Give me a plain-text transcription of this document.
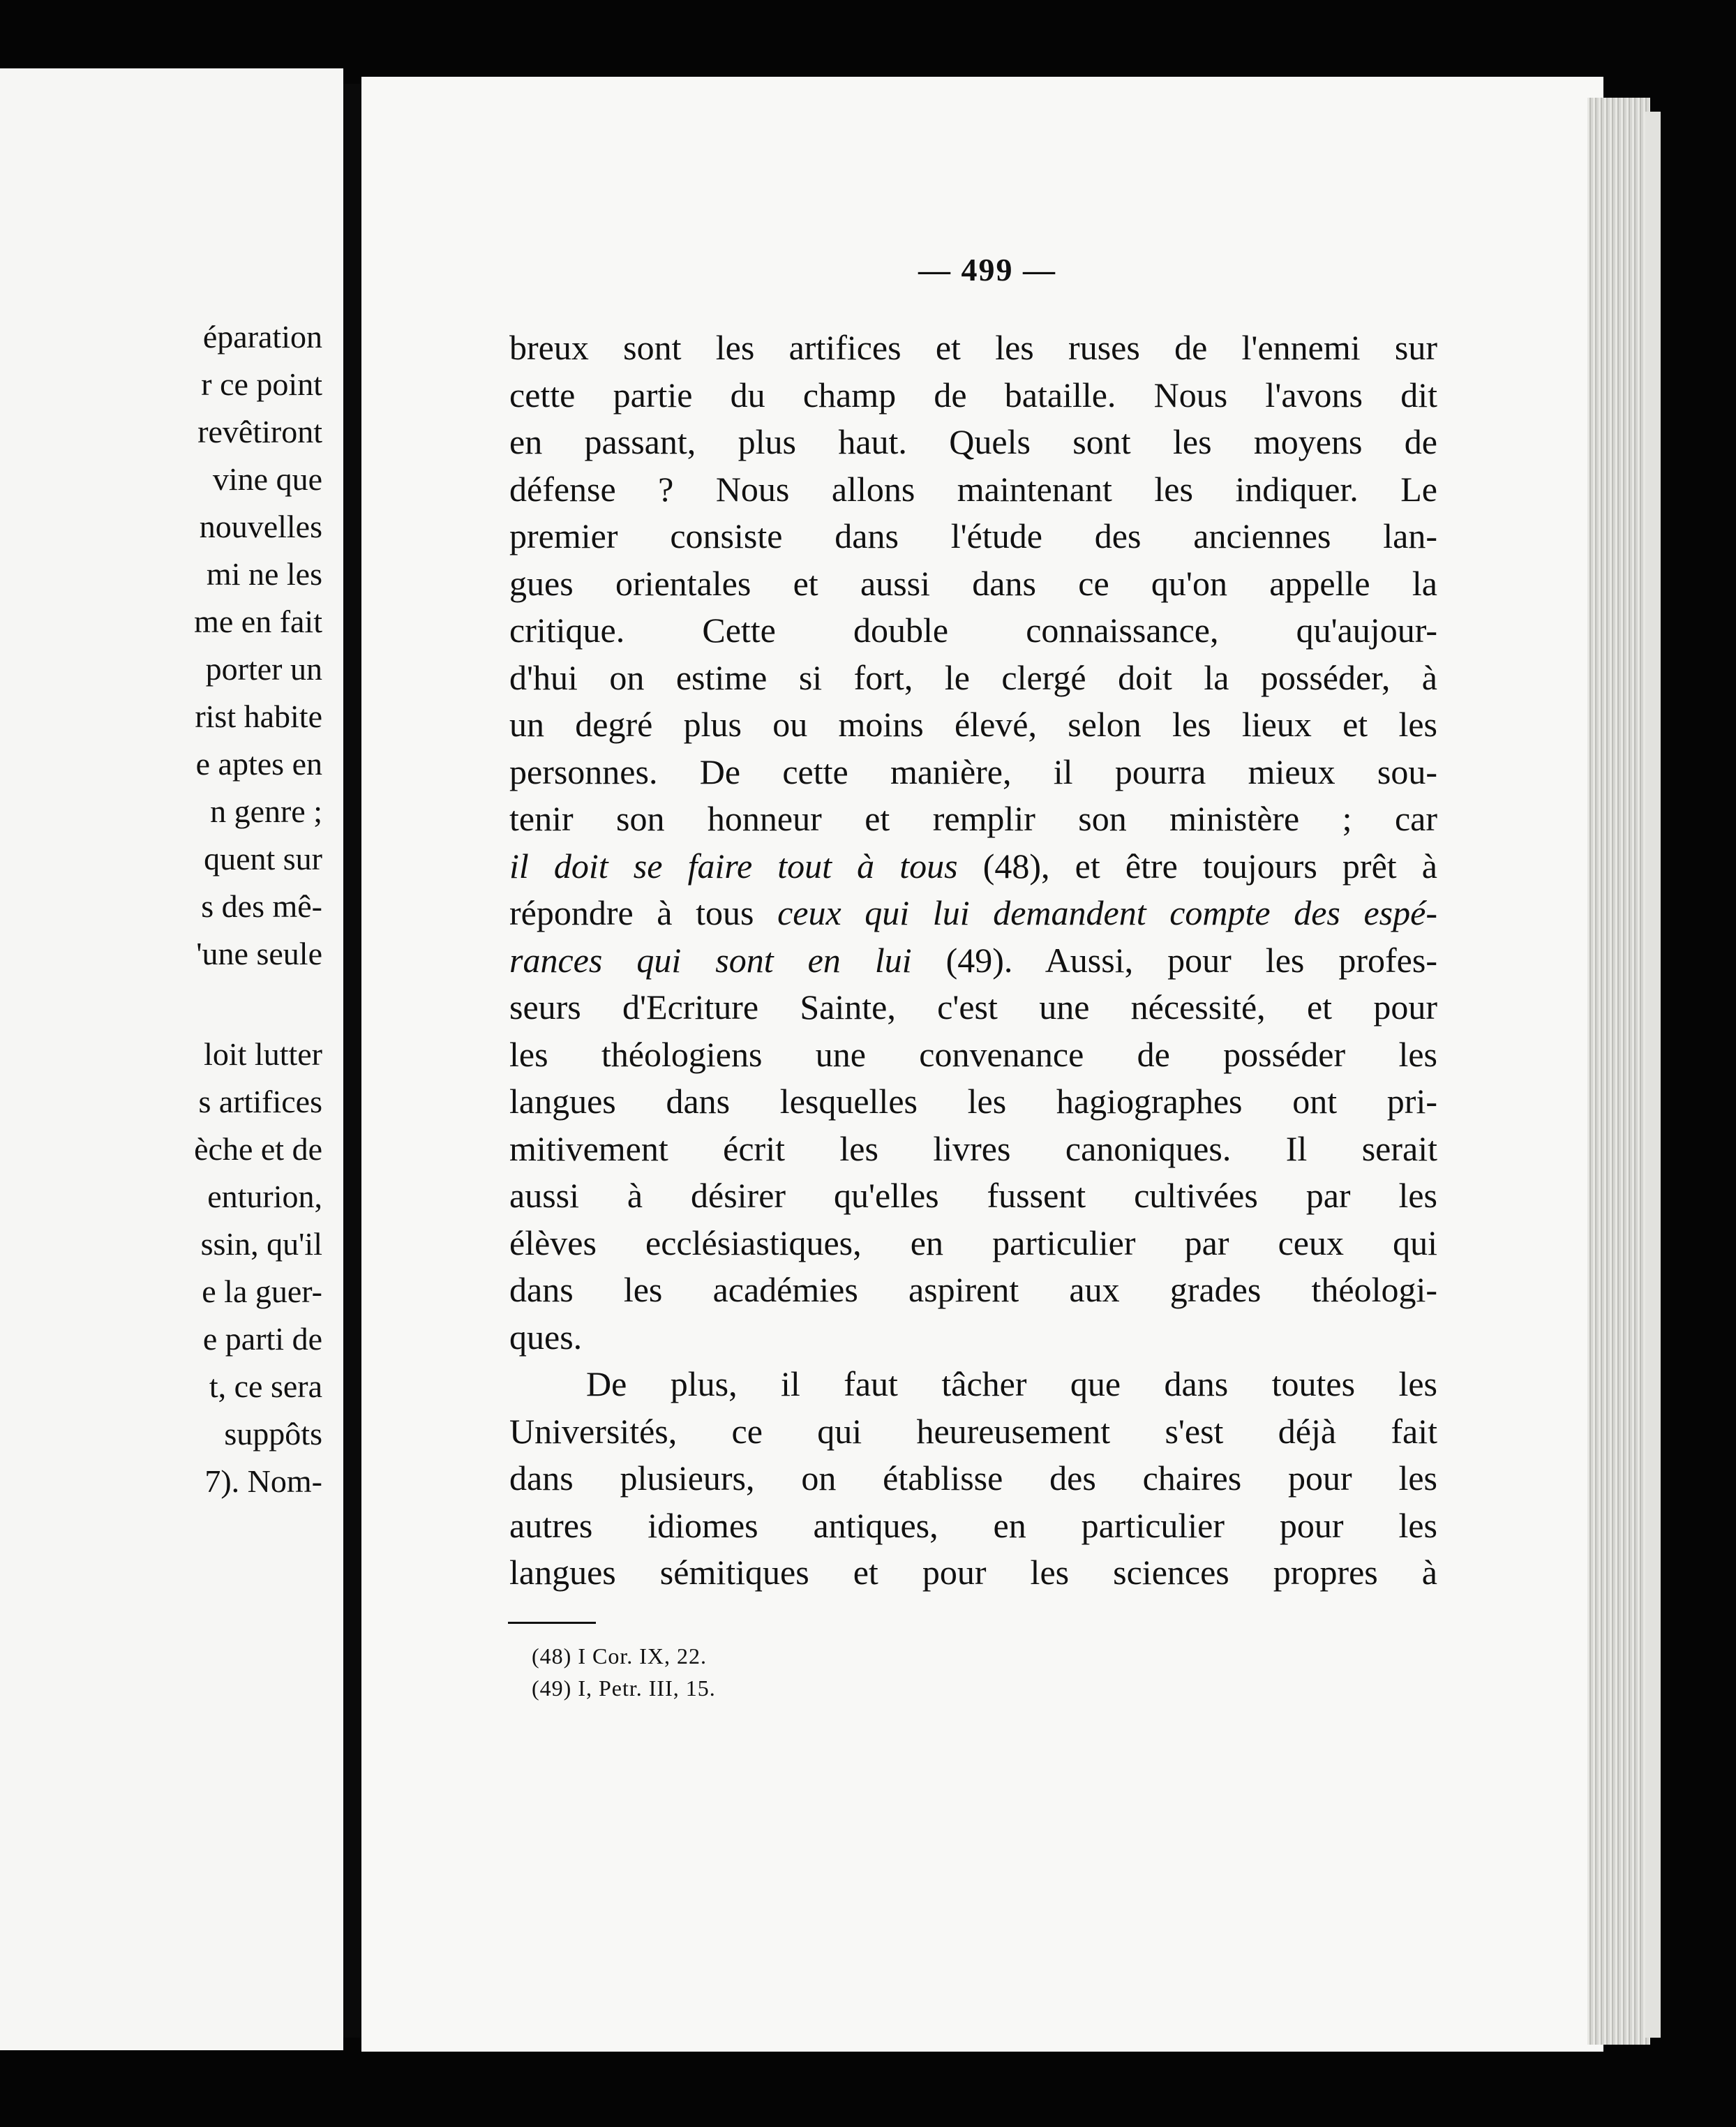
éparation
r ce point
revêtiront
vine que
nouvelles
mi ne les
me en fait
porter un
rist habite
e aptes en
n genre ;
quent sur
s des mê-
'une seule
loit lutter
s artifices
èche et de
enturion,
ssin, qu'il
e la guer-
e parti de
t, ce sera
suppôts
7). Nom-
— 499 —
breux sont les artifices et les ruses de l'ennemi sur
cette partie du champ de bataille. Nous l'avons dit
en passant, plus haut. Quels sont les moyens de
défense ? Nous allons maintenant les indiquer. Le
premier consiste dans l'étude des anciennes lan-
gues orientales et aussi dans ce qu'on appelle la
critique. Cette double connaissance, qu'aujour-
d'hui on estime si fort, le clergé doit la posséder, à
un degré plus ou moins élevé, selon les lieux et les
personnes. De cette manière, il pourra mieux sou-
tenir son honneur et remplir son ministère ; car
il doit se faire tout à tous (48), et être toujours prêt à
répondre à tous ceux qui lui demandent compte des espé-
rances qui sont en lui (49). Aussi, pour les profes-
seurs d'Ecriture Sainte, c'est une nécessité, et pour
les théologiens une convenance de posséder les
langues dans lesquelles les hagiographes ont pri-
mitivement écrit les livres canoniques. Il serait
aussi à désirer qu'elles fussent cultivées par les
élèves ecclésiastiques, en particulier par ceux qui
dans les académies aspirent aux grades théologi-
ques.
De plus, il faut tâcher que dans toutes les
Universités, ce qui heureusement s'est déjà fait
dans plusieurs, on établisse des chaires pour les
autres idiomes antiques, en particulier pour les
langues sémitiques et pour les sciences propres à
(48) I Cor. IX, 22.
(49) I, Petr. III, 15.
